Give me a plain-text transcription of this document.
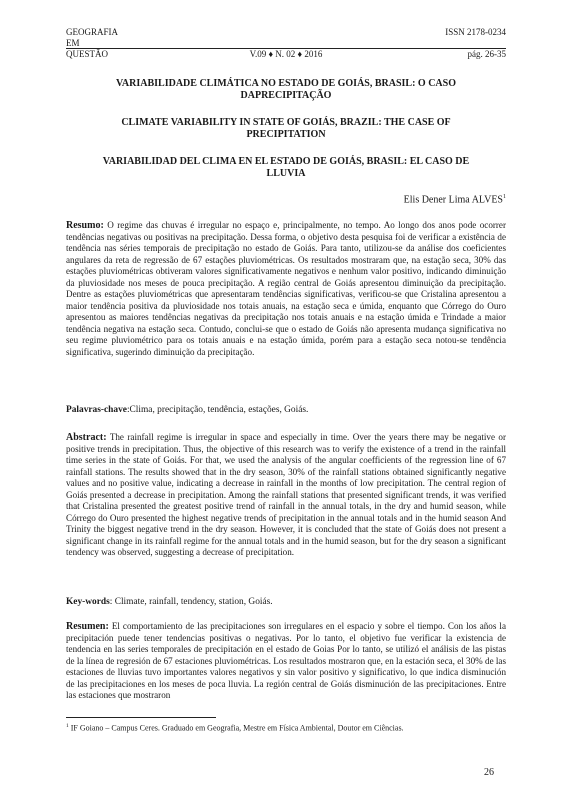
GEOGRAFIA	ISSN 2178-0234
EM
QUESTÃO	V.09 ♦ N. 02 ♦ 2016	pág. 26-35
VARIABILIDADE CLIMÁTICA NO ESTADO DE GOIÁS, BRASIL: O CASO
DAPRECIPITAÇÃO
CLIMATE VARIABILITY IN STATE OF GOIÁS, BRAZIL: THE CASE OF
PRECIPITATION
VARIABILIDAD DEL CLIMA EN EL ESTADO DE GOIÁS, BRASIL: EL CASO DE
LLUVIA
Elis Dener Lima ALVES$^1$

Resumo: O regime das chuvas é irregular no espaço e, principalmente, no tempo. Ao longo dos anos pode ocorrer tendências negativas ou positivas na precipitação. Dessa forma, o objetivo desta pesquisa foi de verificar a existência de tendência nas séries temporais de precipitação no estado de Goiás. Para tanto, utilizou-se da análise dos coeficientes angulares da reta de regressão de 67 estações pluviométricas. Os resultados mostraram que, na estação seca, 30% das estações pluviométricas obtiveram valores significativamente negativos e nenhum valor positivo, indicando diminuição da pluviosidade nos meses de pouca precipitação. A região central de Goiás apresentou diminuição da precipitação. Dentre as estações pluviométricas que apresentaram tendências significativas, verificou-se que Cristalina apresentou a maior tendência positiva da pluviosidade nos totais anuais, na estação seca e úmida, enquanto que Córrego do Ouro apresentou as maiores tendências negativas da precipitação nos totais anuais e na estação úmida e Trindade a maior tendência negativa na estação seca. Contudo, conclui-se que o estado de Goiás não apresenta mudança significativa no seu regime pluviométrico para os totais anuais e na estação úmida, porém para a estação seca notou-se tendência significativa, sugerindo diminuição da precipitação.

Palavras-chave:Clima, precipitação, tendência, estações, Goiás.

Abstract: The rainfall regime is irregular in space and especially in time. Over the years there may be negative or positive trends in precipitation. Thus, the objective of this research was to verify the existence of a trend in the rainfall time series in the state of Goiás. For that, we used the analysis of the angular coefficients of the regression line of 67 rainfall stations. The results showed that in the dry season, 30% of the rainfall stations obtained significantly negative values and no positive value, indicating a decrease in rainfall in the months of low precipitation. The central region of Goiás presented a decrease in precipitation. Among the rainfall stations that presented significant trends, it was verified that Cristalina presented the greatest positive trend of rainfall in the annual totals, in the dry and humid season, while Córrego do Ouro presented the highest negative trends of precipitation in the annual totals and in the humid season And Trinity the biggest negative trend in the dry season. However, it is concluded that the state of Goiás does not present a significant change in its rainfall regime for the annual totals and in the humid season, but for the dry season a significant tendency was observed, suggesting a decrease of precipitation.

Key-words: Climate, rainfall, tendency, station, Goiás.

Resumen: El comportamiento de las precipitaciones son irregulares en el espacio y sobre el tiempo. Con los años la precipitación puede tener tendencias positivas o negativas. Por lo tanto, el objetivo fue verificar la existencia de tendencia en las series temporales de precipitación en el estado de Goias Por lo tanto, se utilizó el análisis de las pistas de la línea de regresión de 67 estaciones pluviométricas. Los resultados mostraron que, en la estación seca, el 30% de las estaciones de lluvias tuvo importantes valores negativos y sin valor positivo y significativo, lo que indica disminución de las precipitaciones en los meses de poca lluvia. La región central de Goiás disminución de las precipitaciones. Entre las estaciones que mostraron

$^1$ IF Goiano – Campus Ceres. Graduado em Geografia, Mestre em Física Ambiental, Doutor em Ciências.
26
